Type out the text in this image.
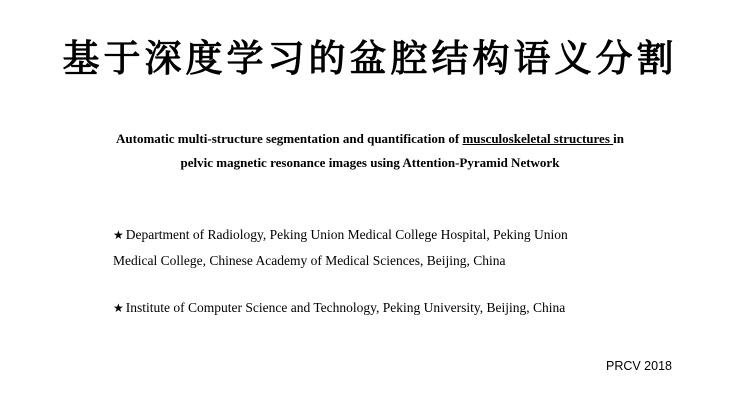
基于深度学习的盆腔结构语义分割
Automatic multi-structure segmentation and quantification of musculoskeletal structures in
pelvic magnetic resonance images using Attention-Pyramid Network
★ Department of Radiology, Peking Union Medical College Hospital, Peking Union
Medical College, Chinese Academy of Medical Sciences, Beijing, China
★ Institute of Computer Science and Technology, Peking University, Beijing, China
PRCV 2018
